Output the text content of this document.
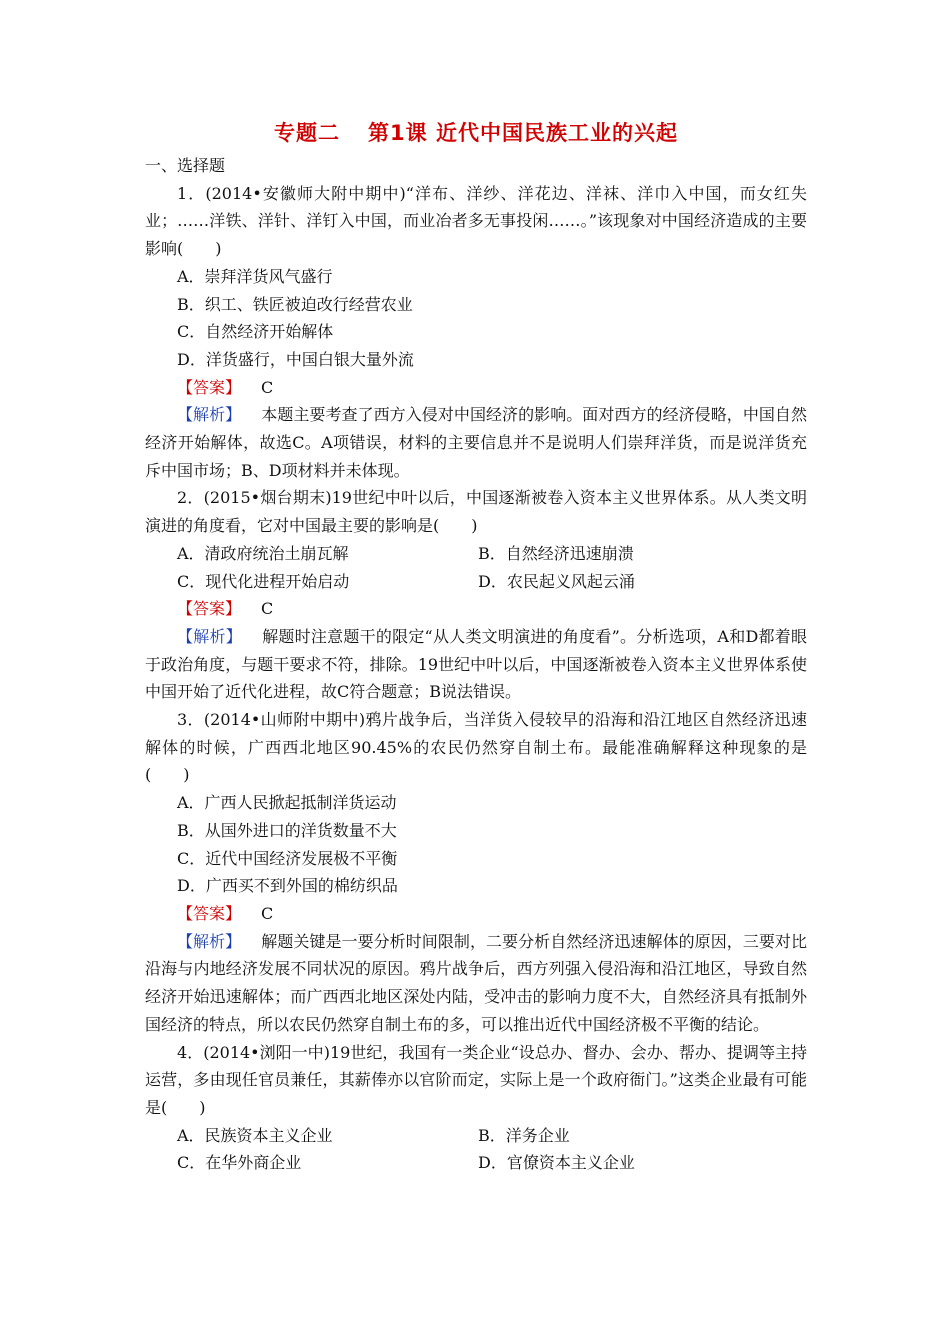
专题二 第1课 近代中国民族工业的兴起
一、选择题

1．(2014•安徽师大附中期中)“洋布、洋纱、洋花边、洋袜、洋巾入中国，而女红失业；……洋铁、洋针、洋钉入中国，而业冶者多无事投闲……。”该现象对中国经济造成的主要影响(　　)

A．崇拜洋货风气盛行
B．织工、铁匠被迫改行经营农业
C．自然经济开始解体
D．洋货盛行，中国白银大量外流
【答案】 C

【解析】 本题主要考查了西方入侵对中国经济的影响。面对西方的经济侵略，中国自然经济开始解体，故选C。A项错误，材料的主要信息并不是说明人们崇拜洋货，而是说洋货充斥中国市场；B、D项材料并未体现。

2．(2015•烟台期末)19世纪中叶以后，中国逐渐被卷入资本主义世界体系。从人类文明演进的角度看，它对中国最主要的影响是(　　)

A．清政府统治土崩瓦解	B．自然经济迅速崩溃
C．现代化进程开始启动	D．农民起义风起云涌
【答案】 C

【解析】 解题时注意题干的限定“从人类文明演进的角度看”。分析选项，A和D都着眼于政治角度，与题干要求不符，排除。19世纪中叶以后，中国逐渐被卷入资本主义世界体系使中国开始了近代化进程，故C符合题意；B说法错误。

3．(2014•山师附中期中)鸦片战争后，当洋货入侵较早的沿海和沿江地区自然经济迅速解体的时候，广西西北地区90.45%的农民仍然穿自制土布。最能准确解释这种现象的是(　　)

A．广西人民掀起抵制洋货运动
B．从国外进口的洋货数量不大
C．近代中国经济发展极不平衡
D．广西买不到外国的棉纺织品
【答案】 C

【解析】 解题关键是一要分析时间限制，二要分析自然经济迅速解体的原因，三要对比沿海与内地经济发展不同状况的原因。鸦片战争后，西方列强入侵沿海和沿江地区，导致自然经济开始迅速解体；而广西西北地区深处内陆，受冲击的影响力度不大，自然经济具有抵制外国经济的特点，所以农民仍然穿自制土布的多，可以推出近代中国经济极不平衡的结论。

4．(2014•浏阳一中)19世纪，我国有一类企业“设总办、督办、会办、帮办、提调等主持运营，多由现任官员兼任，其薪俸亦以官阶而定，实际上是一个政府衙门。”这类企业最有可能是(　　)

A．民族资本主义企业	B．洋务企业
C．在华外商企业	D．官僚资本主义企业
